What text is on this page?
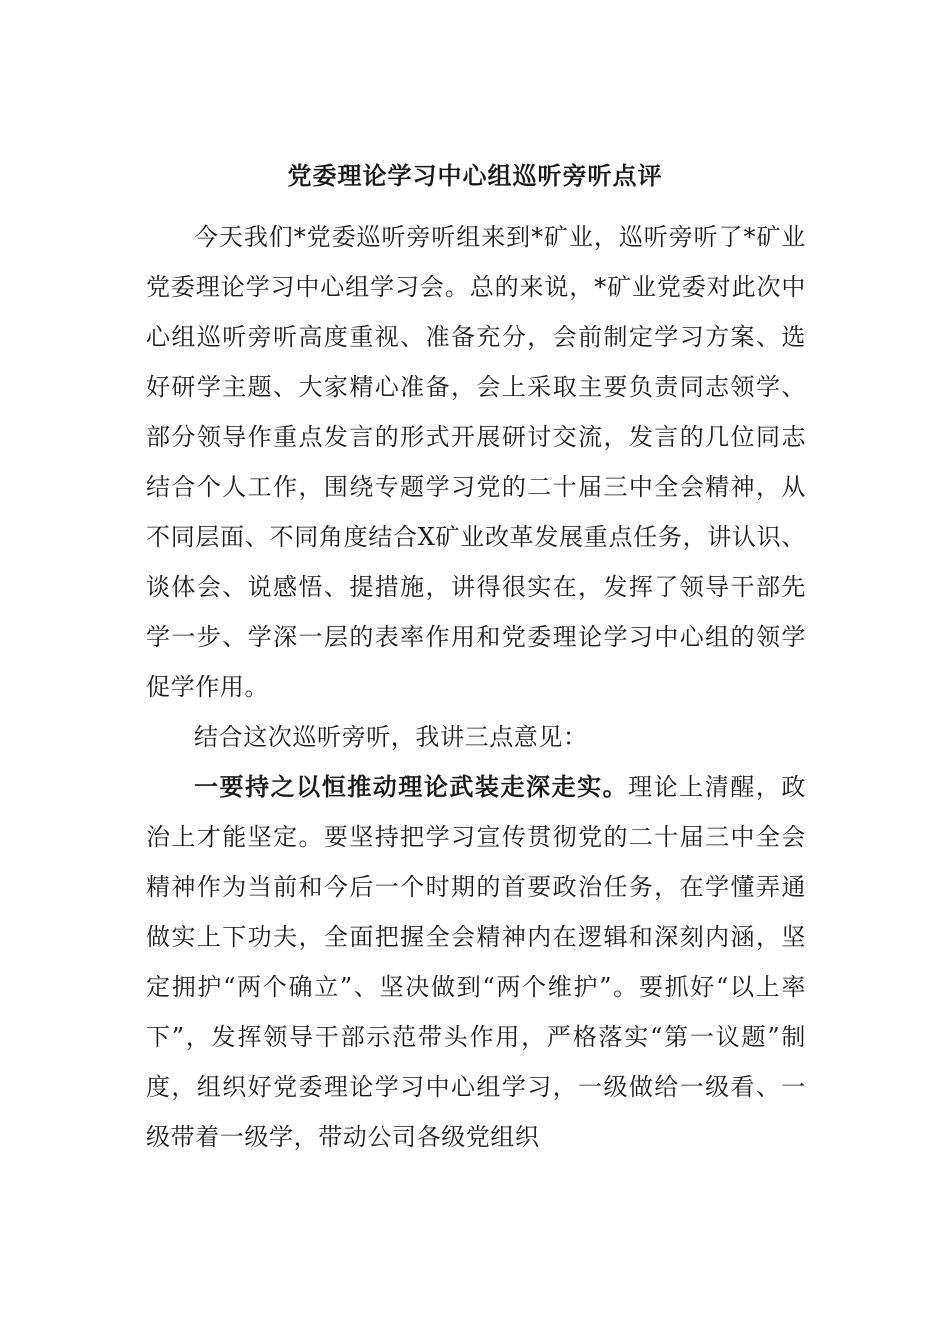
党委理论学习中心组巡听旁听点评

今天我们*党委巡听旁听组来到*矿业，巡听旁听了*矿业党委理论学习中心组学习会。总的来说，*矿业党委对此次中心组巡听旁听高度重视、准备充分，会前制定学习方案、选好研学主题、大家精心准备，会上采取主要负责同志领学、部分领导作重点发言的形式开展研讨交流，发言的几位同志结合个人工作，围绕专题学习党的二十届三中全会精神，从不同层面、不同角度结合X矿业改革发展重点任务，讲认识、谈体会、说感悟、提措施，讲得很实在，发挥了领导干部先学一步、学深一层的表率作用和党委理论学习中心组的领学促学作用。

结合这次巡听旁听，我讲三点意见：

一要持之以恒推动理论武装走深走实。理论上清醒，政治上才能坚定。要坚持把学习宣传贯彻党的二十届三中全会精神作为当前和今后一个时期的首要政治任务，在学懂弄通做实上下功夫，全面把握全会精神内在逻辑和深刻内涵，坚定拥护“两个确立”、坚决做到“两个维护”。要抓好“以上率下”，发挥领导干部示范带头作用，严格落实“第一议题”制度，组织好党委理论学习中心组学习，一级做给一级看、一级带着一级学，带动公司各级党组织
